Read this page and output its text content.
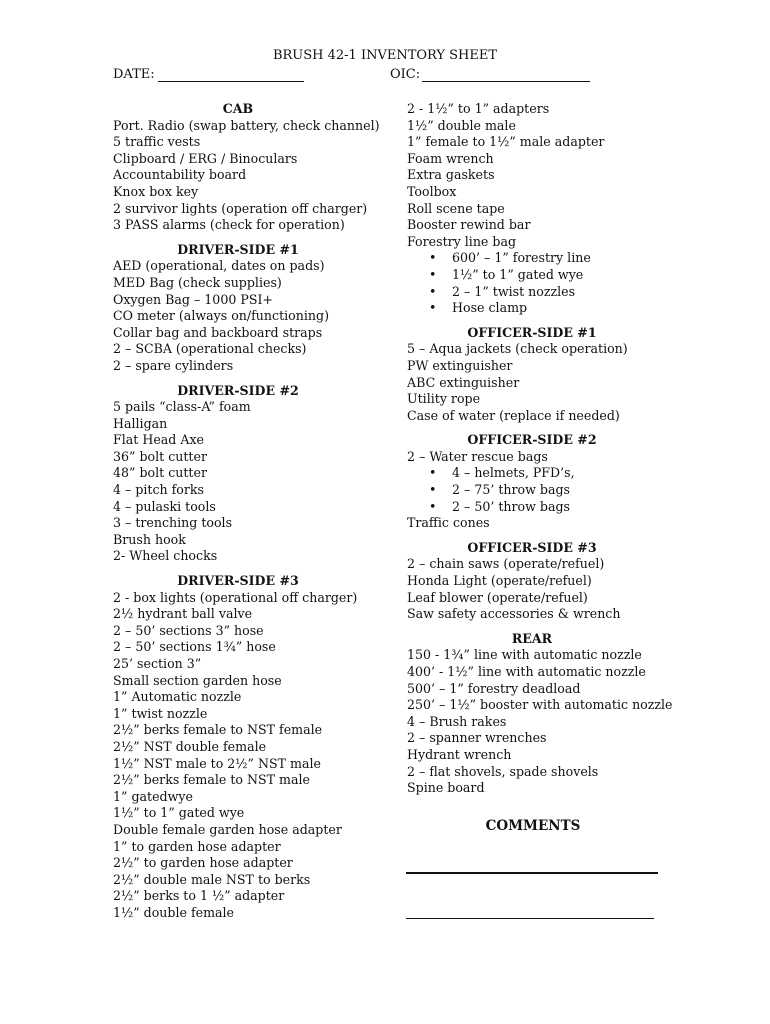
BRUSH 42-1 INVENTORY SHEET
DATE:	OIC:

CAB

Port. Radio (swap battery, check channel)

5 traffic vests

Clipboard / ERG / Binoculars

Accountability board

Knox box key

2 survivor lights (operation off charger)

3 PASS alarms (check for operation)

DRIVER-SIDE #1

AED (operational, dates on pads)

MED Bag (check supplies)

Oxygen Bag – 1000 PSI+

CO meter (always on/functioning)

Collar bag and backboard straps

2 – SCBA (operational checks)

2 – spare cylinders

DRIVER-SIDE #2

5 pails “class-A” foam

Halligan

Flat Head Axe

36” bolt cutter

48” bolt cutter

4 – pitch forks

4 – pulaski tools

3 – trenching tools

Brush hook

2- Wheel chocks

DRIVER-SIDE #3

2 - box lights (operational off charger)

2½ hydrant ball valve

2 – 50’ sections 3” hose

2 – 50’ sections 1¾” hose

25’ section 3”

Small section garden hose

1” Automatic nozzle

1” twist nozzle

2½” berks female to NST female

2½” NST double female

1½” NST male to 2½” NST male

2½” berks female to NST male

1” gatedwye

1½” to 1” gated wye

Double female garden hose adapter

1” to garden hose adapter

2½” to garden hose adapter

2½” double male NST to berks

2½” berks to 1 ½” adapter

1½” double female

2 - 1½” to 1” adapters

1½” double male

1” female to 1½” male adapter

Foam wrench

Extra gaskets

Toolbox

Roll scene tape

Booster rewind bar

Forestry line bag

• 600’ – 1” forestry line

• 1½” to 1” gated wye

• 2 – 1” twist nozzles

• Hose clamp

OFFICER-SIDE #1

5 – Aqua jackets (check operation)

PW extinguisher

ABC extinguisher

Utility rope

Case of water (replace if needed)

OFFICER-SIDE #2

2 – Water rescue bags

• 4 – helmets, PFD’s,

• 2 – 75’ throw bags

• 2 – 50’ throw bags

Traffic cones

OFFICER-SIDE #3

2 – chain saws (operate/refuel)

Honda Light (operate/refuel)

Leaf blower (operate/refuel)

Saw safety accessories & wrench

REAR

150 - 1¾” line with automatic nozzle

400’ - 1½” line with automatic nozzle

500’ – 1” forestry deadload

250’ – 1½” booster with automatic nozzle

4 – Brush rakes

2 – spanner wrenches

Hydrant wrench

2 – flat shovels, spade shovels

Spine board

COMMENTS
